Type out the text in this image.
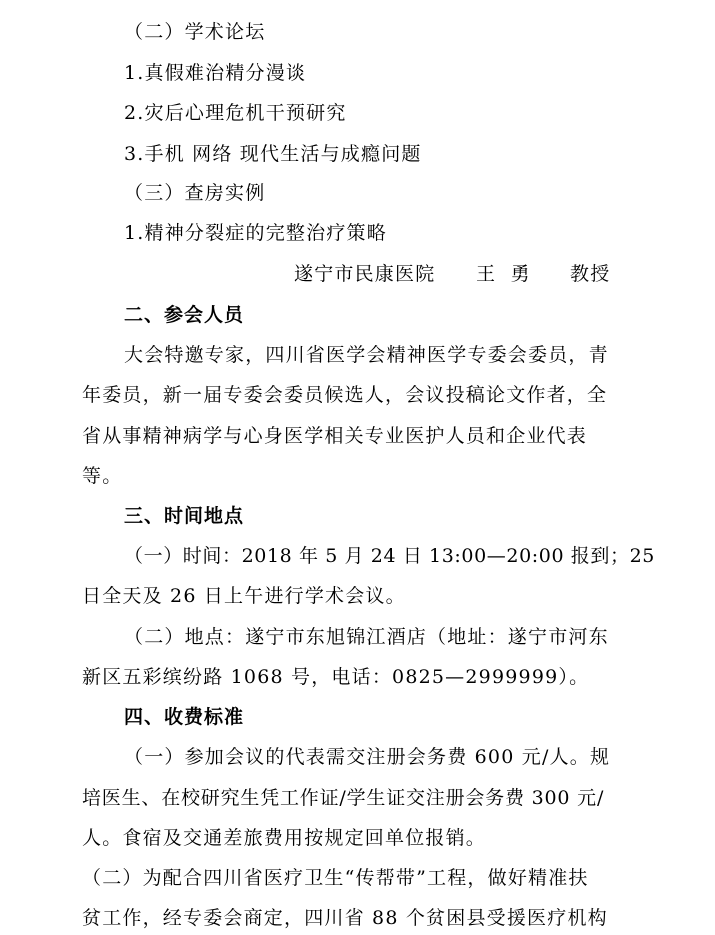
（二）学术论坛
1.真假难治精分漫谈
2.灾后心理危机干预研究
3.手机 网络 现代生活与成瘾问题
（三）查房实例
1.精神分裂症的完整治疗策略
遂宁市民康医院 王  勇 教授
二、参会人员
大会特邀专家，四川省医学会精神医学专委会委员，青
年委员，新一届专委会委员候选人，会议投稿论文作者，全
省从事精神病学与心身医学相关专业医护人员和企业代表
等。
三、时间地点
（一）时间：2018 年 5 月 24 日 13:00—20:00 报到；25
日全天及 26 日上午进行学术会议。
（二）地点：遂宁市东旭锦江酒店（地址：遂宁市河东
新区五彩缤纷路 1068 号，电话：0825—2999999）。
四、收费标准
（一）参加会议的代表需交注册会务费 600 元/人。规
培医生、在校研究生凭工作证/学生证交注册会务费 300 元/
人。食宿及交通差旅费用按规定回单位报销。
（二）为配合四川省医疗卫生“传帮带”工程，做好精准扶
贫工作，经专委会商定，四川省 88 个贫困县受援医疗机构
